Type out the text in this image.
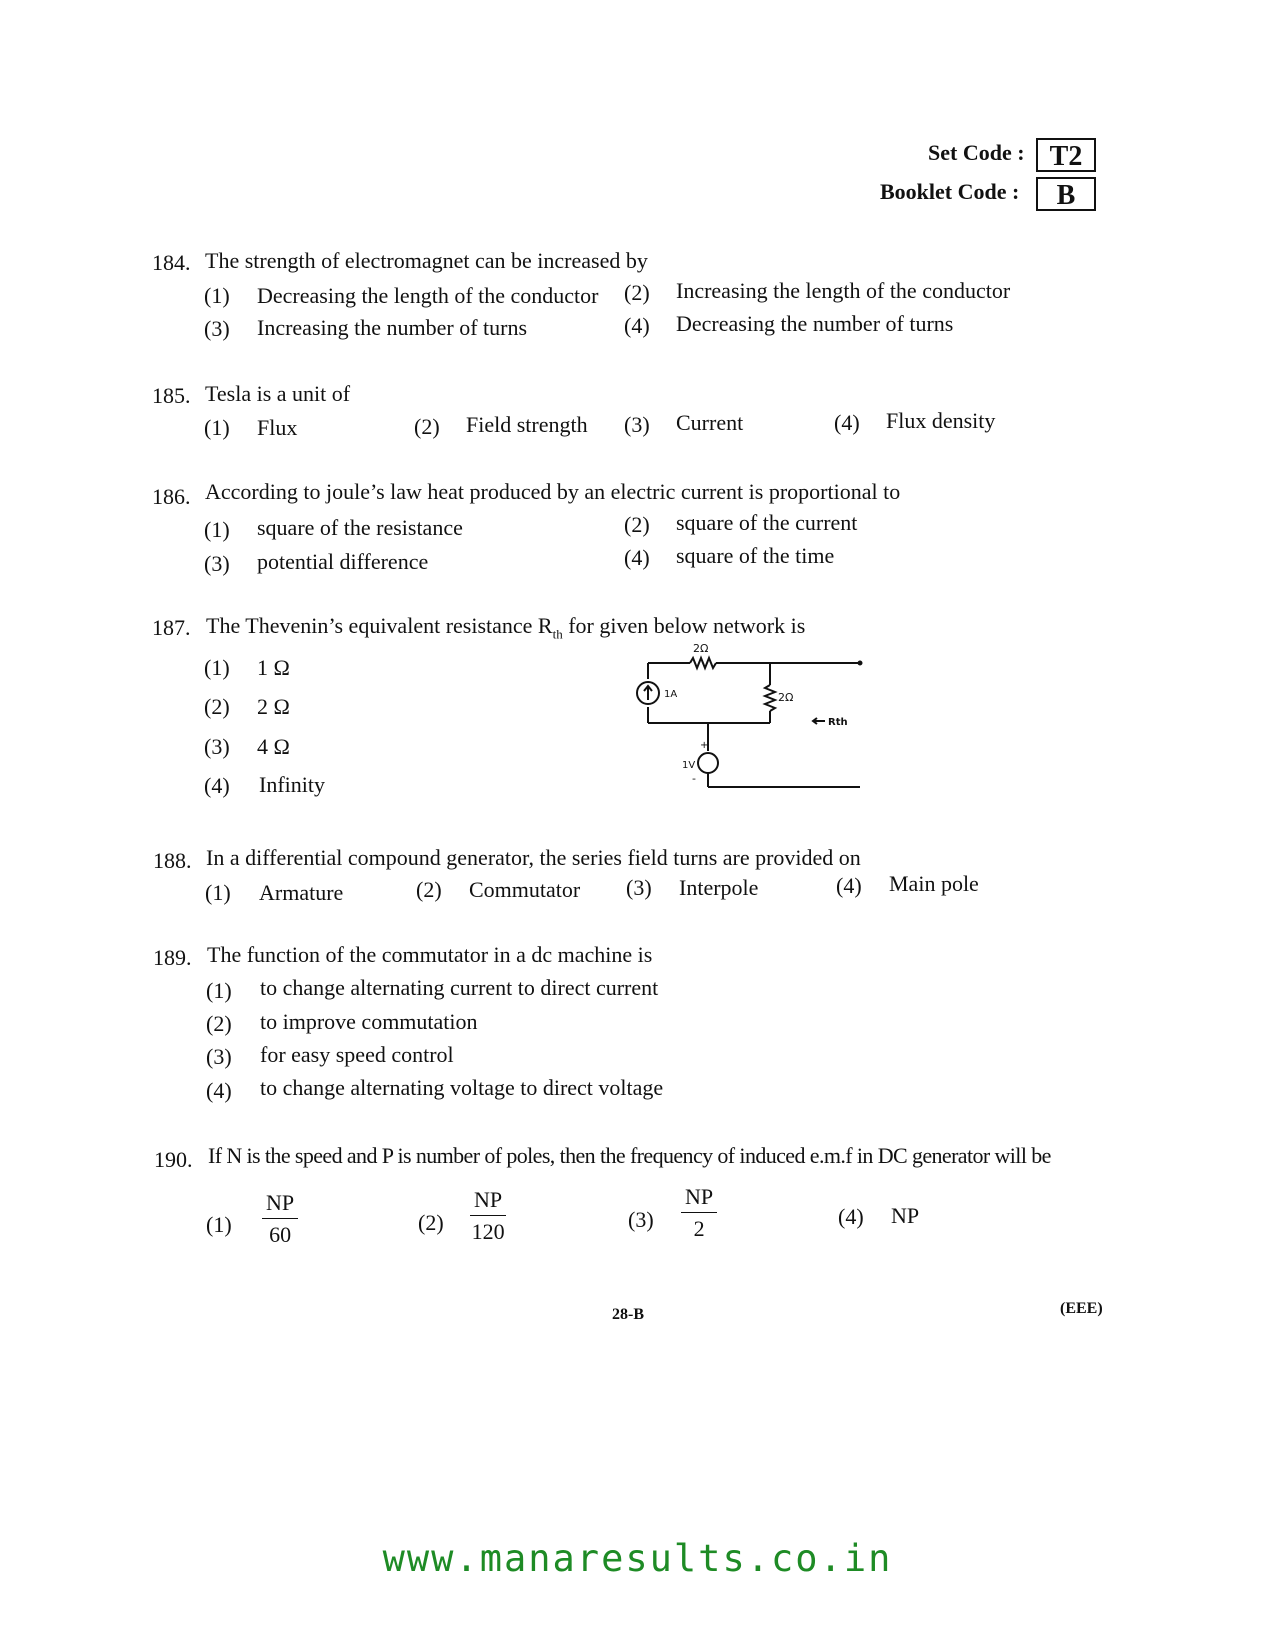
Set Code : T2
Booklet Code :	B
184. The strength of electromagnet can be increased by
(1) Decreasing the length of the conductor (2) Increasing the length of the conductor
(3) Increasing the number of turns	(4) Decreasing the number of turns
185. Tesla is a unit of
(1) Flux	(2) Field strength (3) Current	(4) Flux density
186. According to joule’s law heat produced by an electric current is proportional to
(1) square of the resistance	(2) square of the current
(3) potential difference	(4) square of the time
187. The Thevenin’s equivalent resistance $R_{th}$ for given below network is
(1) 1 Ω
(2) 2 Ω
(3) 4 Ω
(4) Infinity
2Ω
2Ω
1A
1V
+
-
Rth
188. In a differential compound generator, the series field turns are provided on
(1) Armature	(2) Commutator (3) Interpole	(4) Main pole
189. The function of the commutator in a dc machine is
(1) to change alternating current to direct current
(2) to improve commutation
(3) for easy speed control
(4) to change alternating voltage to direct voltage
190. If N is the speed and P is number of poles, then the frequency of induced e.m.f in DC generator will be
$(1) \frac{NP}{60}$	$(2) \frac{NP}{120}$	$(3) \frac{NP}{2}$	(4) NP
28-B	(EEE)
www.manaresults.co.in
